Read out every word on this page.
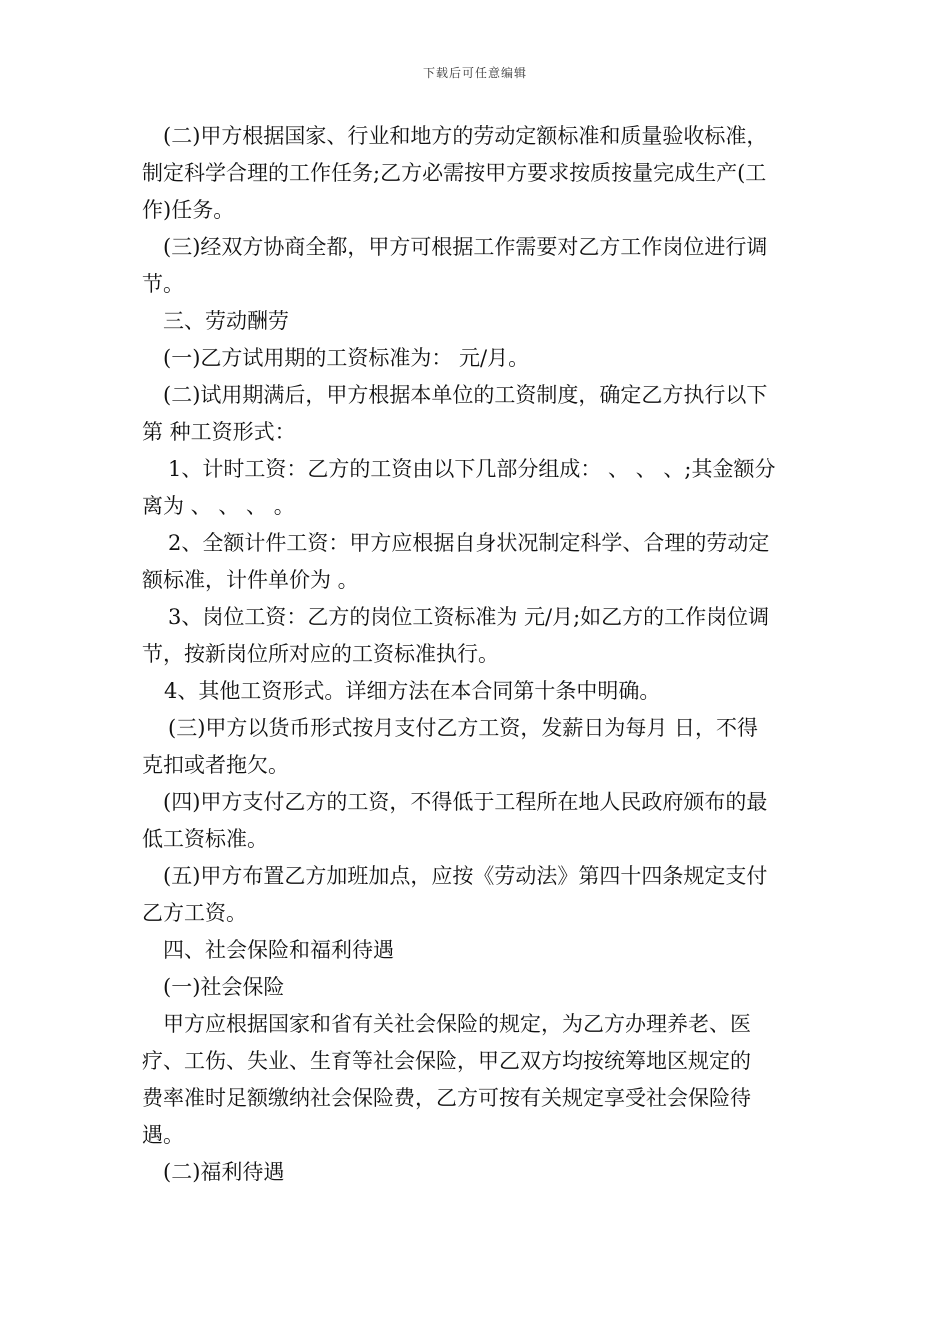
下载后可任意编辑
(二)甲方根据国家、行业和地方的劳动定额标准和质量验收标准，
制定科学合理的工作任务;乙方必需按甲方要求按质按量完成生产(工
作)任务。
(三)经双方协商全都，甲方可根据工作需要对乙方工作岗位进行调
节。
三、劳动酬劳
(一)乙方试用期的工资标准为： 元/月。
(二)试用期满后，甲方根据本单位的工资制度，确定乙方执行以下
第 种工资形式：
1、计时工资：乙方的工资由以下几部分组成： 、 、 、;其金额分
离为 、 、 、 。
2、全额计件工资：甲方应根据自身状况制定科学、合理的劳动定
额标准，计件单价为 。
3、岗位工资：乙方的岗位工资标准为 元/月;如乙方的工作岗位调
节，按新岗位所对应的工资标准执行。
4、其他工资形式。详细方法在本合同第十条中明确。
(三)甲方以货币形式按月支付乙方工资，发薪日为每月 日，不得
克扣或者拖欠。
(四)甲方支付乙方的工资，不得低于工程所在地人民政府颁布的最
低工资标准。
(五)甲方布置乙方加班加点，应按《劳动法》第四十四条规定支付
乙方工资。
四、社会保险和福利待遇
(一)社会保险
甲方应根据国家和省有关社会保险的规定，为乙方办理养老、医
疗、工伤、失业、生育等社会保险，甲乙双方均按统筹地区规定的
费率准时足额缴纳社会保险费，乙方可按有关规定享受社会保险待
遇。
(二)福利待遇
